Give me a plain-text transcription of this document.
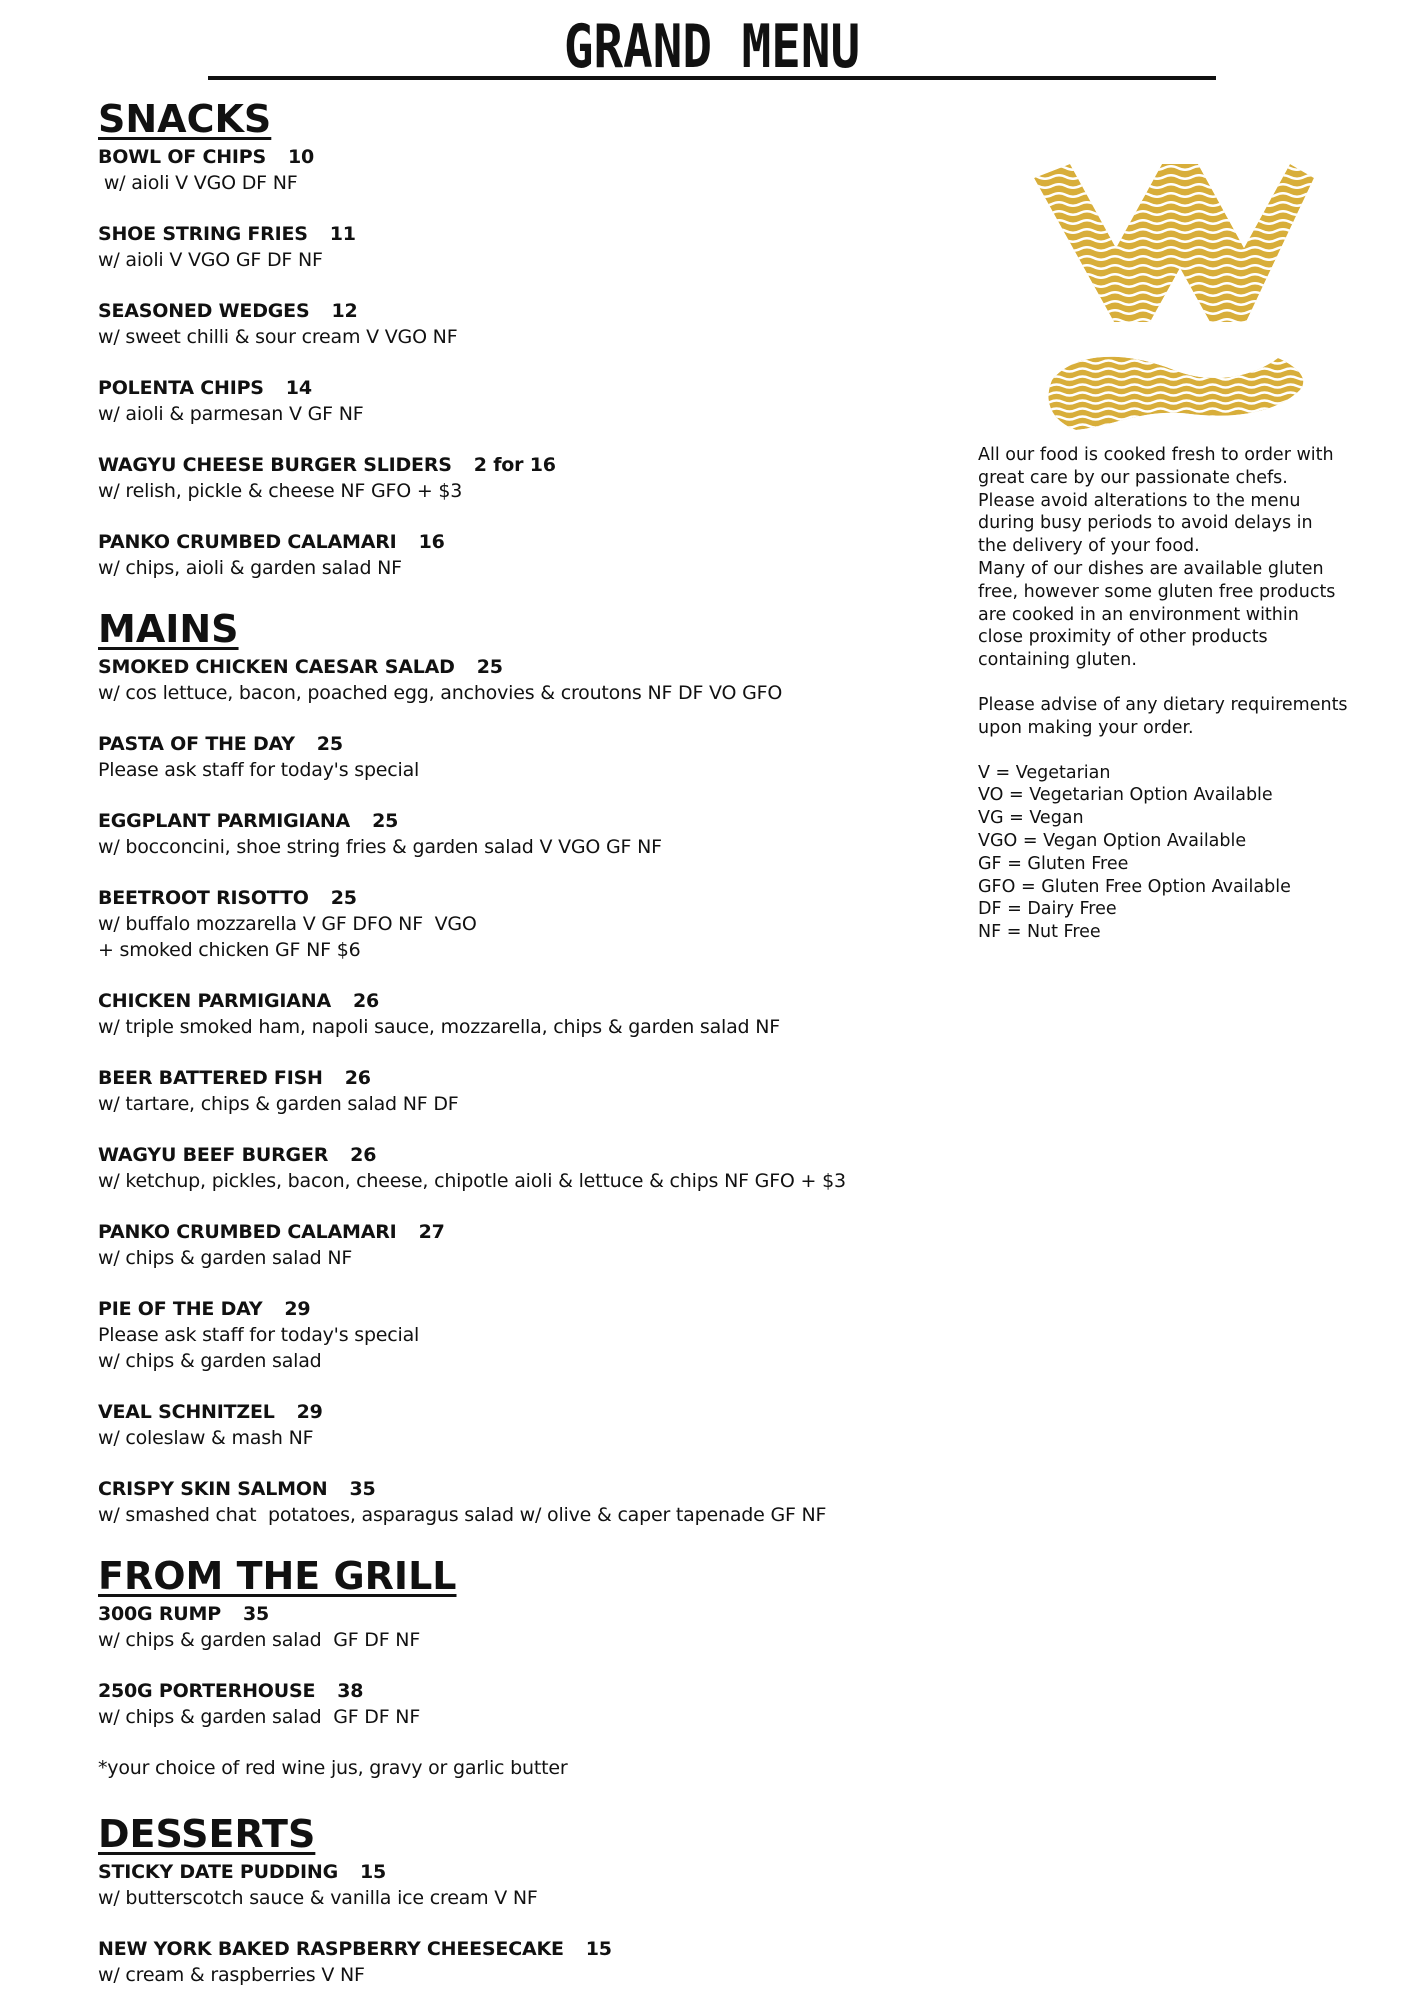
GRAND MENU
SNACKS
BOWL OF CHIPS 10
w/ aioli V VGO DF NF
SHOE STRING FRIES 11
w/ aioli V VGO GF DF NF
SEASONED WEDGES 12
w/ sweet chilli & sour cream V VGO NF
POLENTA CHIPS 14
w/ aioli & parmesan V GF NF
WAGYU CHEESE BURGER SLIDERS 2 for 16
w/ relish, pickle & cheese NF GFO + $3
PANKO CRUMBED CALAMARI 16
w/ chips, aioli & garden salad NF
MAINS
SMOKED CHICKEN CAESAR SALAD 25
w/ cos lettuce, bacon, poached egg, anchovies & croutons NF DF VO GFO
PASTA OF THE DAY 25
Please ask staff for today's special
EGGPLANT PARMIGIANA 25
w/ bocconcini, shoe string fries & garden salad V VGO GF NF
BEETROOT RISOTTO 25
w/ buffalo mozzarella V GF DFO NF  VGO
+ smoked chicken GF NF $6
CHICKEN PARMIGIANA 26
w/ triple smoked ham, napoli sauce, mozzarella, chips & garden salad NF
BEER BATTERED FISH 26
w/ tartare, chips & garden salad NF DF
WAGYU BEEF BURGER 26
w/ ketchup, pickles, bacon, cheese, chipotle aioli & lettuce & chips NF GFO + $3
PANKO CRUMBED CALAMARI 27
w/ chips & garden salad NF
PIE OF THE DAY 29
Please ask staff for today's special
w/ chips & garden salad
VEAL SCHNITZEL 29
w/ coleslaw & mash NF
CRISPY SKIN SALMON 35
w/ smashed chat  potatoes, asparagus salad w/ olive & caper tapenade GF NF
FROM THE GRILL
300G RUMP 35
w/ chips & garden salad  GF DF NF
250G PORTERHOUSE 38
w/ chips & garden salad  GF DF NF
*your choice of red wine jus, gravy or garlic butter
DESSERTS
STICKY DATE PUDDING 15
w/ butterscotch sauce & vanilla ice cream V NF
NEW YORK BAKED RASPBERRY CHEESECAKE 15
w/ cream & raspberries V NF

All our food is cooked fresh to order with
great care by our passionate chefs.
Please avoid alterations to the menu
during busy periods to avoid delays in
the delivery of your food.
Many of our dishes are available gluten
free, however some gluten free products
are cooked in an environment within
close proximity of other products
containing gluten.

Please advise of any dietary requirements
upon making your order.

V = Vegetarian
VO = Vegetarian Option Available
VG = Vegan
VGO = Vegan Option Available
GF = Gluten Free
GFO = Gluten Free Option Available
DF = Dairy Free
NF = Nut Free
